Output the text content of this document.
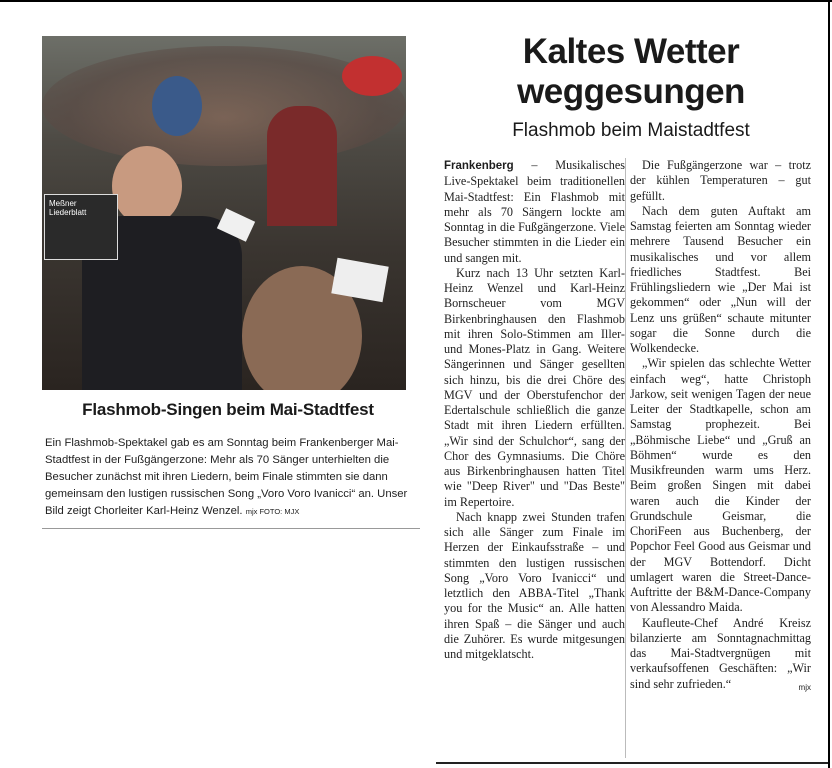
Meßner Liederblatt
Flashmob-Singen beim Mai-Stadtfest
Ein Flashmob-Spektakel gab es am Sonntag beim Frankenberger Mai-Stadtfest in der Fußgängerzone: Mehr als 70 Sänger unterhielten die Besucher zunächst mit ihren Liedern, beim Finale stimmten sie dann gemeinsam den lustigen russischen Song „Voro Voro Ivanicci“ an. Unser Bild zeigt Chorleiter Karl-Heinz Wenzel. mjx FOTO: MJX
Kaltes Wetter weggesungen
Flashmob beim Maistadtfest

Frankenberg – Musikalisches Live-Spektakel beim traditionellen Mai-Stadtfest: Ein Flashmob mit mehr als 70 Sängern lockte am Sonntag in die Fußgängerzone. Viele Besucher stimmten in die Lieder ein und sangen mit.

Kurz nach 13 Uhr setzten Karl-Heinz Wenzel und Karl-Heinz Bornscheuer vom MGV Birkenbringhausen den Flashmob mit ihren Solo-Stimmen am Iller- und Mones-Platz in Gang. Weitere Sängerinnen und Sänger gesellten sich hinzu, bis die drei Chöre des MGV und der Oberstufenchor der Edertalschule schließlich die ganze Stadt mit ihren Liedern erfüllten. „Wir sind der Schulchor“, sang der Chor des Gymnasiums. Die Chöre aus Birkenbringhausen hatten Titel wie "Deep River" und "Das Beste" im Repertoire.

Nach knapp zwei Stunden trafen sich alle Sänger zum Finale im Herzen der Einkaufsstraße – und stimmten den lustigen russischen Song „Voro Voro Ivanicci“ und letztlich den ABBA-Titel „Thank you for the Music“ an. Alle hatten ihren Spaß – die Sänger und auch die Zuhörer. Es wurde mitgesungen und mitgeklatscht.

Die Fußgängerzone war – trotz der kühlen Temperaturen – gut gefüllt.

Nach dem guten Auftakt am Samstag feierten am Sonntag wieder mehrere Tausend Besucher ein musikalisches und vor allem friedliches Stadtfest. Bei Frühlingsliedern wie „Der Mai ist gekommen“ oder „Nun will der Lenz uns grüßen“ schaute mitunter sogar die Sonne durch die Wolkendecke.

„Wir spielen das schlechte Wetter einfach weg“, hatte Christoph Jarkow, seit wenigen Tagen der neue Leiter der Stadtkapelle, schon am Samstag prophezeit. Bei „Böhmische Liebe“ und „Gruß an Böhmen“ wurde es den Musikfreunden warm ums Herz. Beim großen Singen mit dabei waren auch die Kinder der Grundschule Geismar, die ChoriFeen aus Buchenberg, der Popchor Feel Good aus Geismar und der MGV Bottendorf. Dicht umlagert waren die Street-Dance-Auftritte der B&M-Dance-Company von Alessandro Maida.

Kaufleute-Chef André Kreisz bilanzierte am Sonntagnachmittag das Mai-Stadtvergnügen mit verkaufsoffenen Geschäften: „Wir sind sehr zufrieden.“	mjx
